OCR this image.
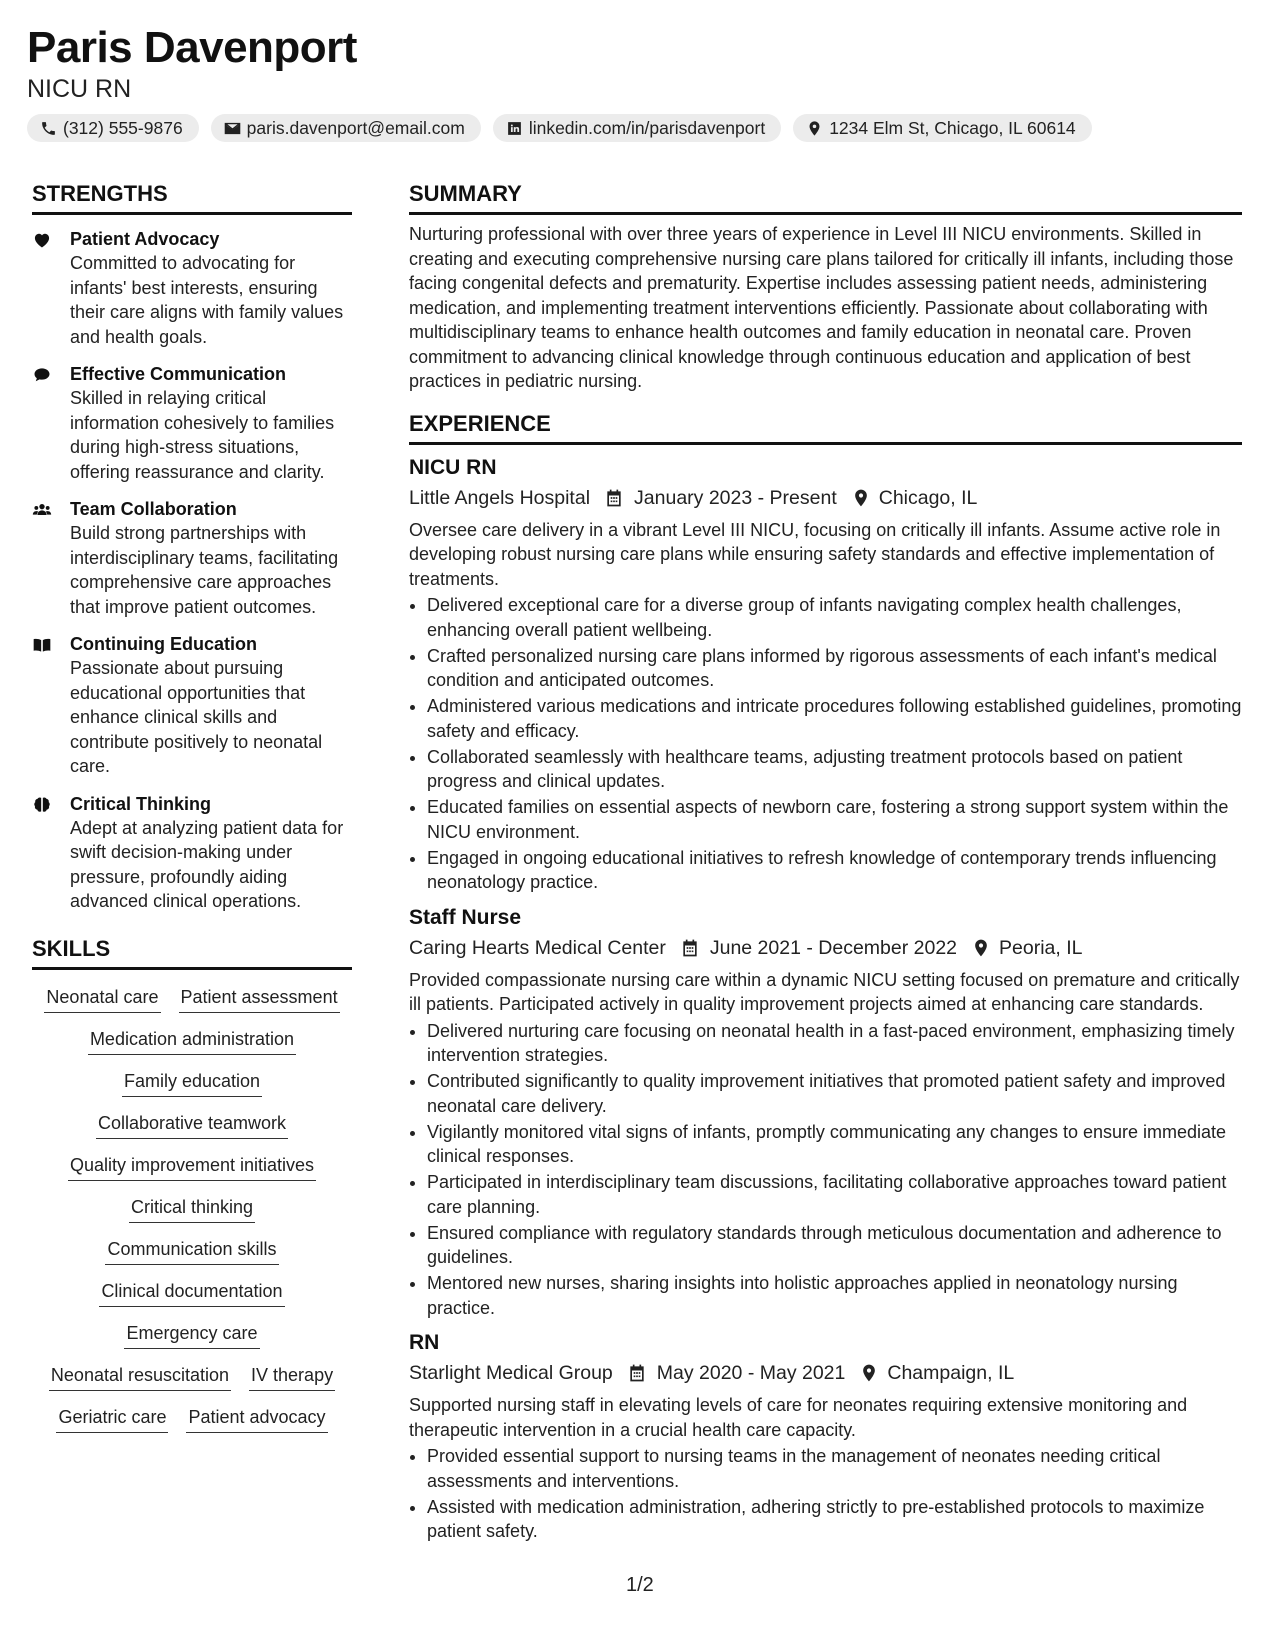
Paris Davenport
NICU RN
(312) 555-9876	paris.davenport@email.com	linkedin.com/in/parisdavenport	1234 Elm St, Chicago, IL 60614
STRENGTHS
Patient Advocacy
Committed to advocating for infants' best interests, ensuring their care aligns with family values and health goals.
Effective Communication
Skilled in relaying critical information cohesively to families during high-stress situations, offering reassurance and clarity.
Team Collaboration
Build strong partnerships with interdisciplinary teams, facilitating comprehensive care approaches that improve patient outcomes.
Continuing Education
Passionate about pursuing educational opportunities that enhance clinical skills and contribute positively to neonatal care.
Critical Thinking
Adept at analyzing patient data for swift decision-making under pressure, profoundly aiding advanced clinical operations.
SKILLS
Neonatal care Patient assessment
Medication administration
Family education
Collaborative teamwork
Quality improvement initiatives
Critical thinking
Communication skills
Clinical documentation
Emergency care
Neonatal resuscitation IV therapy
Geriatric care Patient advocacy
SUMMARY
Nurturing professional with over three years of experience in Level III NICU environments. Skilled in creating and executing comprehensive nursing care plans tailored for critically ill infants, including those facing congenital defects and prematurity. Expertise includes assessing patient needs, administering medication, and implementing treatment interventions efficiently. Passionate about collaborating with multidisciplinary teams to enhance health outcomes and family education in neonatal care. Proven commitment to advancing clinical knowledge through continuous education and application of best practices in pediatric nursing.
EXPERIENCE
NICU RN
Little Angels Hospital January 2023 - Present Chicago, IL
Oversee care delivery in a vibrant Level III NICU, focusing on critically ill infants. Assume active role in developing robust nursing care plans while ensuring safety standards and effective implementation of treatments.
• Delivered exceptional care for a diverse group of infants navigating complex health challenges, enhancing overall patient wellbeing.
• Crafted personalized nursing care plans informed by rigorous assessments of each infant's medical condition and anticipated outcomes.
• Administered various medications and intricate procedures following established guidelines, promoting safety and efficacy.
• Collaborated seamlessly with healthcare teams, adjusting treatment protocols based on patient progress and clinical updates.
• Educated families on essential aspects of newborn care, fostering a strong support system within the NICU environment.
• Engaged in ongoing educational initiatives to refresh knowledge of contemporary trends influencing neonatology practice.
Staff Nurse
Caring Hearts Medical Center June 2021 - December 2022 Peoria, IL
Provided compassionate nursing care within a dynamic NICU setting focused on premature and critically ill patients. Participated actively in quality improvement projects aimed at enhancing care standards.
• Delivered nurturing care focusing on neonatal health in a fast-paced environment, emphasizing timely intervention strategies.
• Contributed significantly to quality improvement initiatives that promoted patient safety and improved neonatal care delivery.
• Vigilantly monitored vital signs of infants, promptly communicating any changes to ensure immediate clinical responses.
• Participated in interdisciplinary team discussions, facilitating collaborative approaches toward patient care planning.
• Ensured compliance with regulatory standards through meticulous documentation and adherence to guidelines.
• Mentored new nurses, sharing insights into holistic approaches applied in neonatology nursing practice.
RN
Starlight Medical Group May 2020 - May 2021 Champaign, IL
Supported nursing staff in elevating levels of care for neonates requiring extensive monitoring and therapeutic intervention in a crucial health care capacity.
• Provided essential support to nursing teams in the management of neonates needing critical assessments and interventions.
• Assisted with medication administration, adhering strictly to pre-established protocols to maximize patient safety.
1/2
